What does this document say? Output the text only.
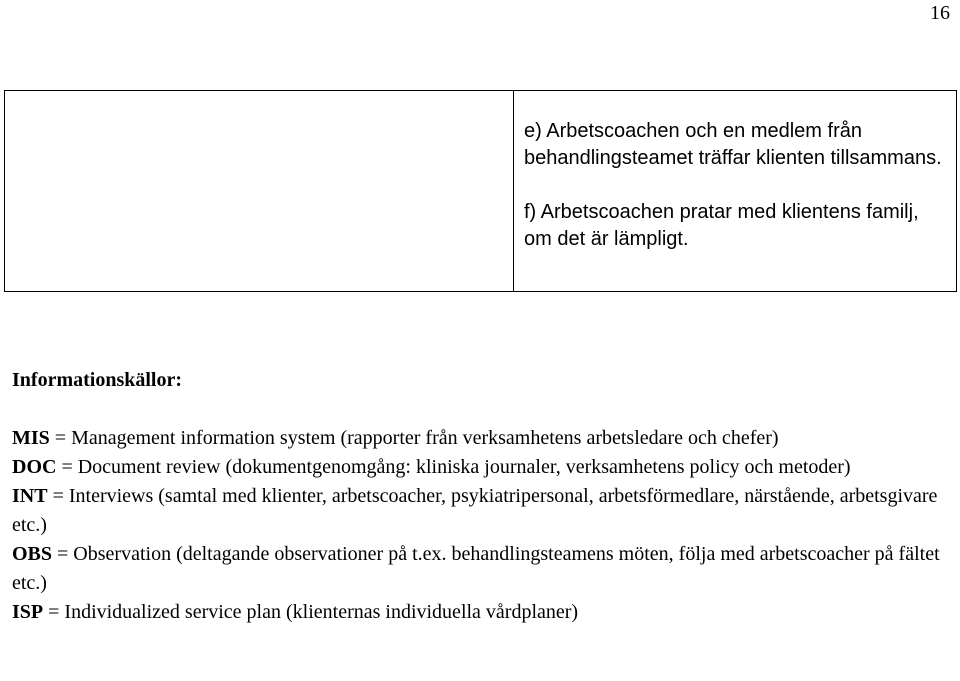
16

e) Arbetscoachen och en medlem från behandlingsteamet träffar klienten tillsammans.

f) Arbetscoachen pratar med klientens familj, om det är lämpligt.

Informationskällor:

MIS = Management information system (rapporter från verksamhetens arbetsledare och chefer)

DOC = Document review (dokumentgenomgång: kliniska journaler, verksamhetens policy och metoder)

INT = Interviews (samtal med klienter, arbetscoacher, psykiatripersonal, arbetsförmedlare, närstående, arbetsgivare etc.)

OBS = Observation (deltagande observationer på t.ex. behandlingsteamens möten, följa med arbetscoacher på fältet etc.)

ISP = Individualized service plan (klienternas individuella vårdplaner)
